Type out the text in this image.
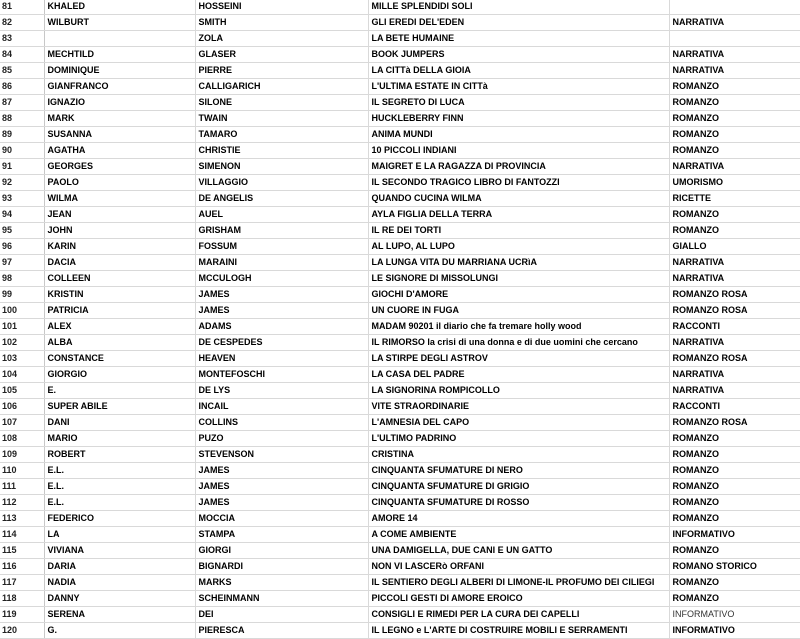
81	KHALED	HOSSEINI	MILLE SPLENDIDI SOLI	
82	WILBURT	SMITH	GLI EREDI DEL'EDEN	NARRATIVA
83		ZOLA	LA BETE HUMAINE	
84	MECHTILD	GLASER	BOOK JUMPERS	NARRATIVA
85	DOMINIQUE	PIERRE	LA CITTà DELLA GIOIA	NARRATIVA
86	GIANFRANCO	CALLIGARICH	L'ULTIMA ESTATE IN CITTà	ROMANZO
87	IGNAZIO	SILONE	IL SEGRETO DI LUCA	ROMANZO
88	MARK	TWAIN	HUCKLEBERRY FINN	ROMANZO
89	SUSANNA	TAMARO	ANIMA MUNDI	ROMANZO
90	AGATHA	CHRISTIE	10 PICCOLI INDIANI	ROMANZO
91	GEORGES	SIMENON	MAIGRET E LA RAGAZZA DI PROVINCIA	NARRATIVA
92	PAOLO	VILLAGGIO	IL SECONDO TRAGICO LIBRO DI FANTOZZI	UMORISMO
93	WILMA	DE ANGELIS	QUANDO CUCINA WILMA	RICETTE
94	JEAN	AUEL	AYLA FIGLIA DELLA TERRA	ROMANZO
95	JOHN	GRISHAM	IL RE DEI TORTI	ROMANZO
96	KARIN	FOSSUM	AL LUPO, AL LUPO	GIALLO
97	DACIA	MARAINI	LA LUNGA VITA DU MARRIANA UCRìA	NARRATIVA
98	COLLEEN	MCCULOGH	LE SIGNORE DI MISSOLUNGI	NARRATIVA
99	KRISTIN	JAMES	GIOCHI D'AMORE	ROMANZO ROSA
100	PATRICIA	JAMES	UN CUORE IN FUGA	ROMANZO ROSA
101	ALEX	ADAMS	MADAM 90201 il diario che fa tremare holly wood	RACCONTI
102	ALBA	DE CESPEDES	IL RIMORSO la crisi di una donna e di due uomini che cercano	NARRATIVA
103	CONSTANCE	HEAVEN	LA STIRPE DEGLI ASTROV	ROMANZO ROSA
104	GIORGIO	MONTEFOSCHI	LA CASA DEL PADRE	NARRATIVA
105	E.	DE LYS	LA SIGNORINA ROMPICOLLO	NARRATIVA
106	SUPER ABILE	INCAIL	VITE STRAORDINARIE	RACCONTI
107	DANI	COLLINS	L'AMNESIA DEL CAPO	ROMANZO ROSA
108	MARIO	PUZO	L'ULTIMO PADRINO	ROMANZO
109	ROBERT	STEVENSON	CRISTINA	ROMANZO
110	E.L.	JAMES	CINQUANTA SFUMATURE DI NERO	ROMANZO
111	E.L.	JAMES	CINQUANTA SFUMATURE DI GRIGIO	ROMANZO
112	E.L.	JAMES	CINQUANTA SFUMATURE DI ROSSO	ROMANZO
113	FEDERICO	MOCCIA	AMORE 14	ROMANZO
114	LA	STAMPA	A COME AMBIENTE	INFORMATIVO
115	VIVIANA	GIORGI	UNA DAMIGELLA, DUE CANI E UN GATTO	ROMANZO
116	DARIA	BIGNARDI	NON VI LASCERò ORFANI	ROMANO STORICO
117	NADIA	MARKS	IL SENTIERO DEGLI ALBERI DI LIMONE-IL PROFUMO DEI CILIEGI	ROMANZO
118	DANNY	SCHEINMANN	PICCOLI GESTI DI AMORE EROICO	ROMANZO
119	SERENA	DEI	CONSIGLI E RIMEDI PER LA CURA DEI CAPELLI	INFORMATIVO
120	G.	PIERESCA	IL LEGNO e L'ARTE DI COSTRUIRE MOBILI E SERRAMENTI	INFORMATIVO
